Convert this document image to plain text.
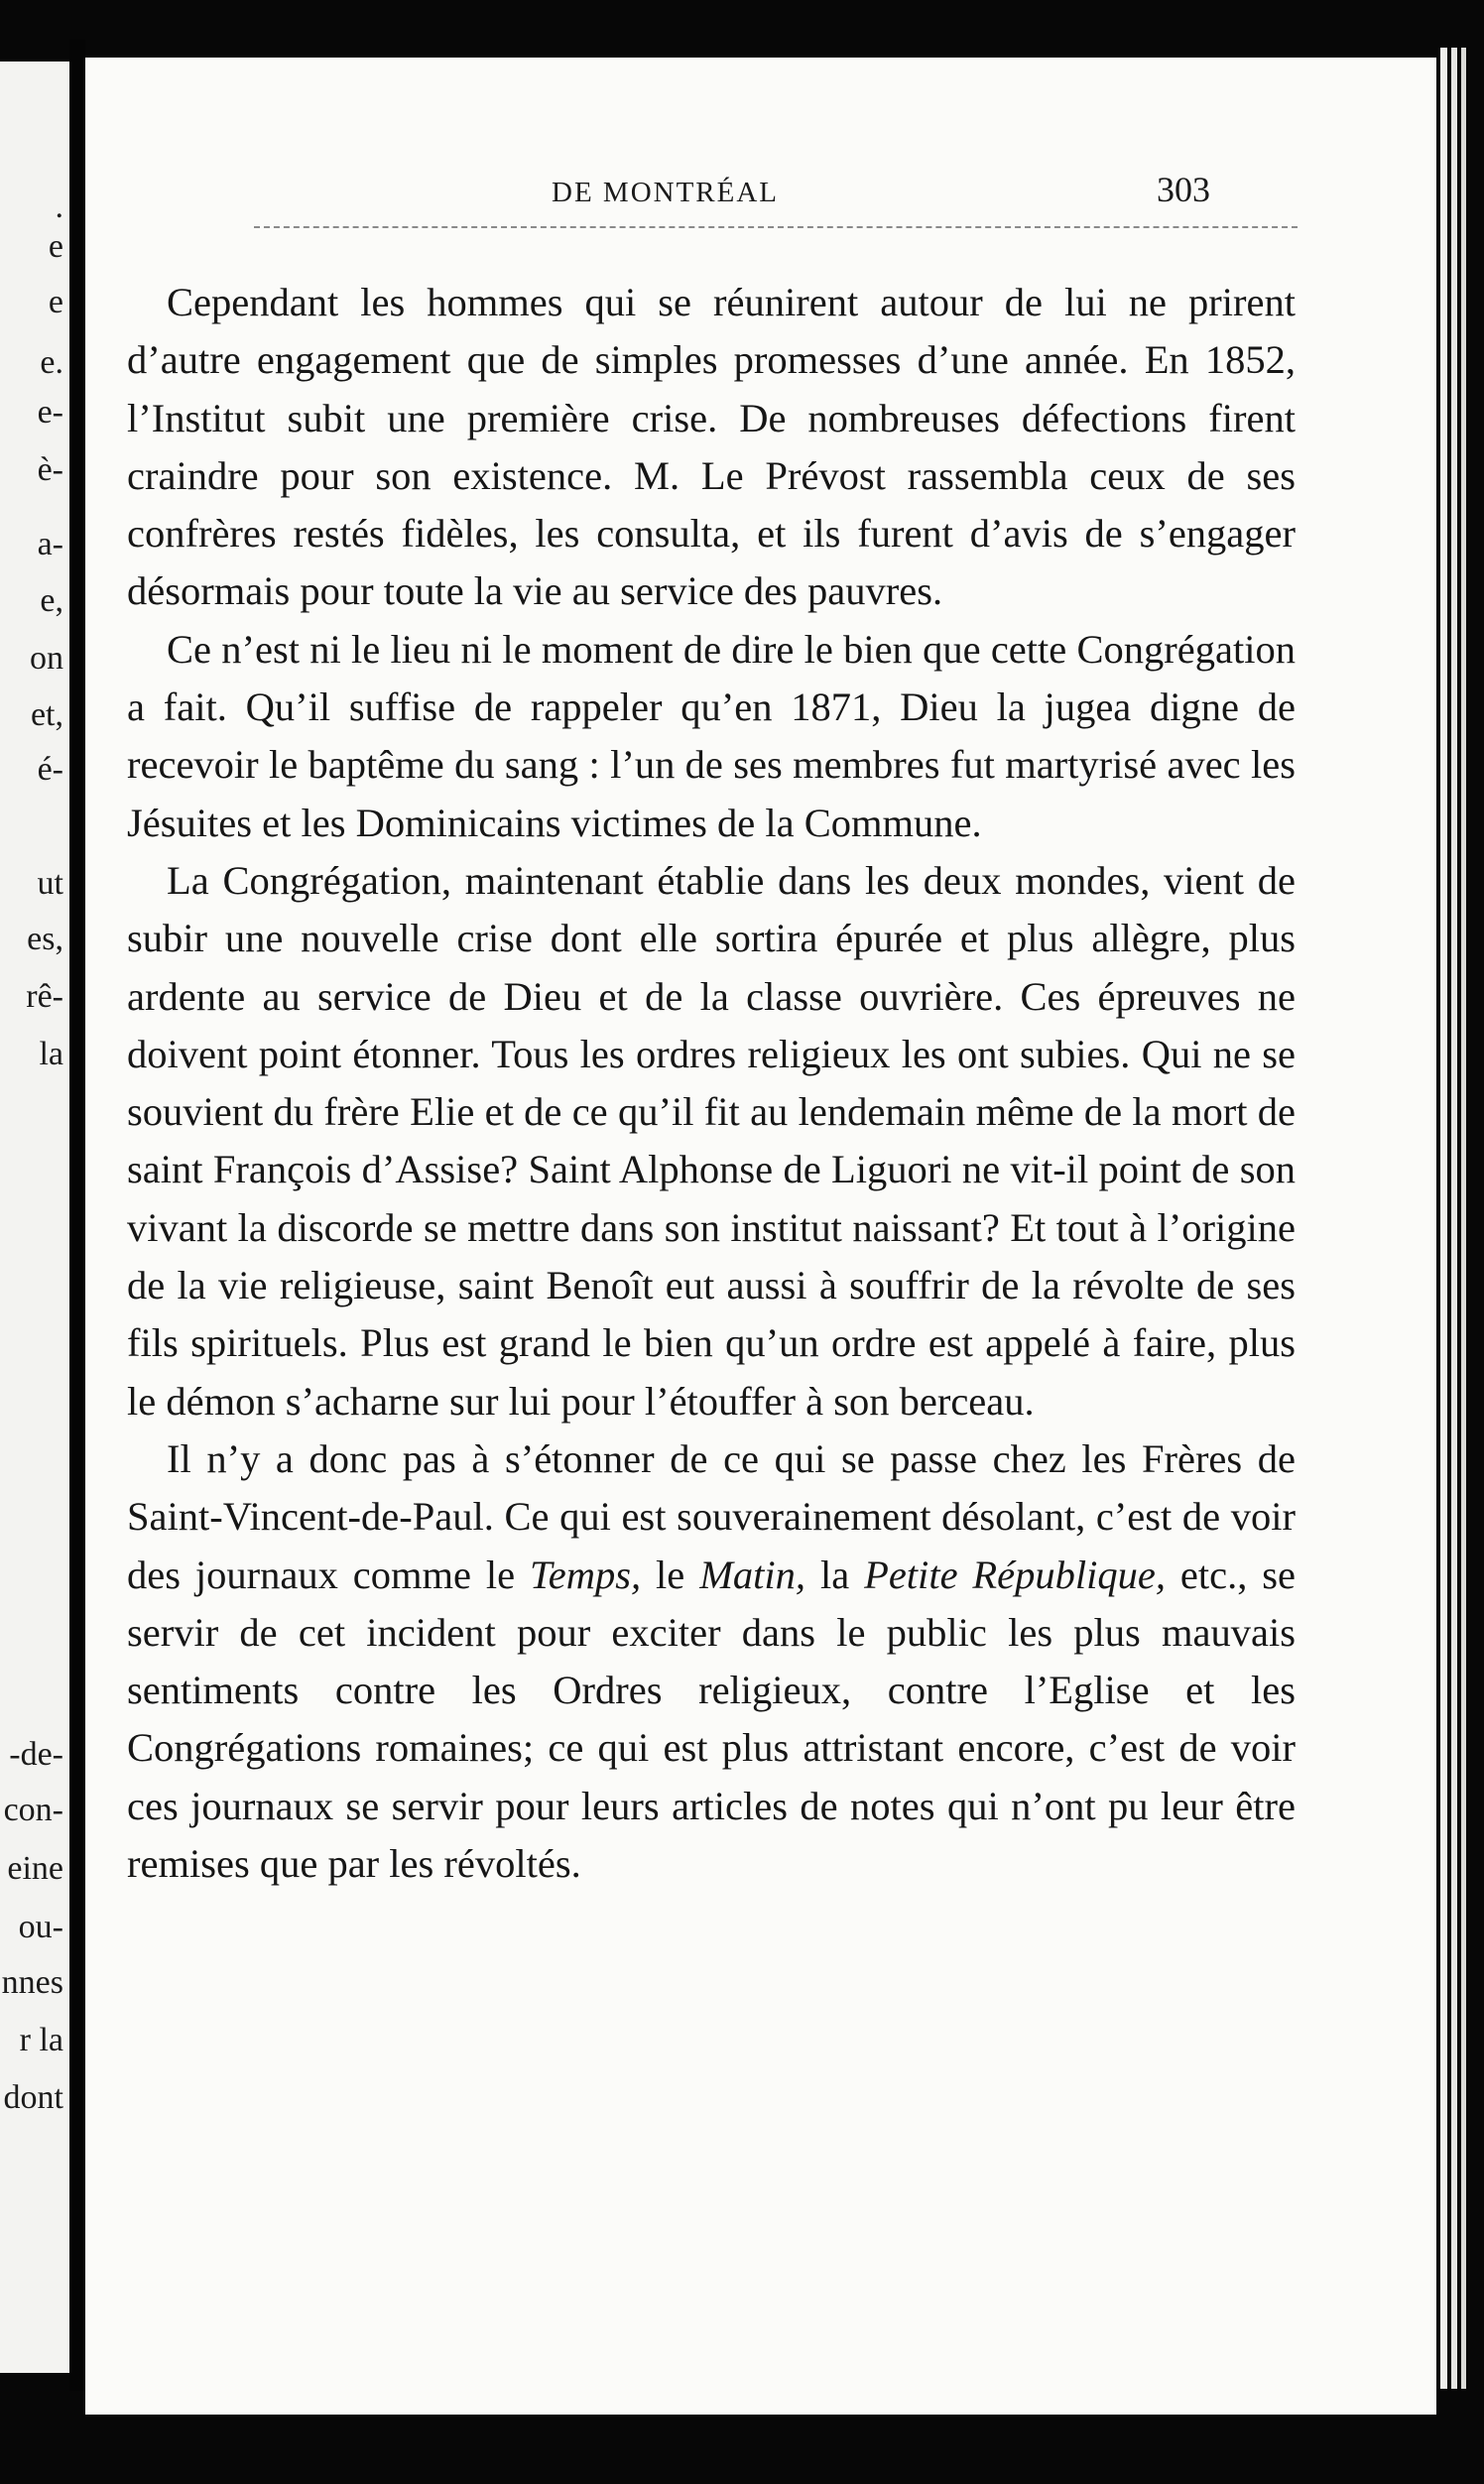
.
e
e
e.
e-
è-
a-
e,
on
et,
é-
ut
es,
rê-
la
-de-
con-
eine
ou-
nnes
r la
dont
DE MONTRÉAL	303

Cependant les hommes qui se réunirent autour de lui ne prirent d’autre engagement que de simples promesses d’une année. En 1852, l’Institut subit une première crise. De nombreuses défections firent craindre pour son existence. M. Le Prévost rassembla ceux de ses confrères restés fidèles, les consulta, et ils furent d’avis de s’engager désormais pour toute la vie au service des pauvres.

Ce n’est ni le lieu ni le moment de dire le bien que cette Congrégation a fait. Qu’il suffise de rappeler qu’en 1871, Dieu la jugea digne de recevoir le baptême du sang : l’un de ses membres fut martyrisé avec les Jésuites et les Dominicains victimes de la Commune.

La Congrégation, maintenant établie dans les deux mondes, vient de subir une nouvelle crise dont elle sortira épurée et plus allègre, plus ardente au service de Dieu et de la classe ouvrière. Ces épreuves ne doivent point étonner. Tous les ordres religieux les ont subies. Qui ne se souvient du frère Elie et de ce qu’il fit au lendemain même de la mort de saint François d’Assise? Saint Alphonse de Liguori ne vit-il point de son vivant la discorde se mettre dans son institut naissant? Et tout à l’origine de la vie religieuse, saint Benoît eut aussi à souffrir de la révolte de ses fils spirituels. Plus est grand le bien qu’un ordre est appelé à faire, plus le démon s’acharne sur lui pour l’étouffer à son berceau.

Il n’y a donc pas à s’étonner de ce qui se passe chez les Frères de Saint-Vincent-de-Paul. Ce qui est souverainement désolant, c’est de voir des journaux comme le Temps, le Matin, la Petite République, etc., se servir de cet incident pour exciter dans le public les plus mauvais sentiments contre les Ordres religieux, contre l’Eglise et les Congrégations romaines; ce qui est plus attristant encore, c’est de voir ces journaux se servir pour leurs articles de notes qui n’ont pu leur être remises que par les révoltés.
